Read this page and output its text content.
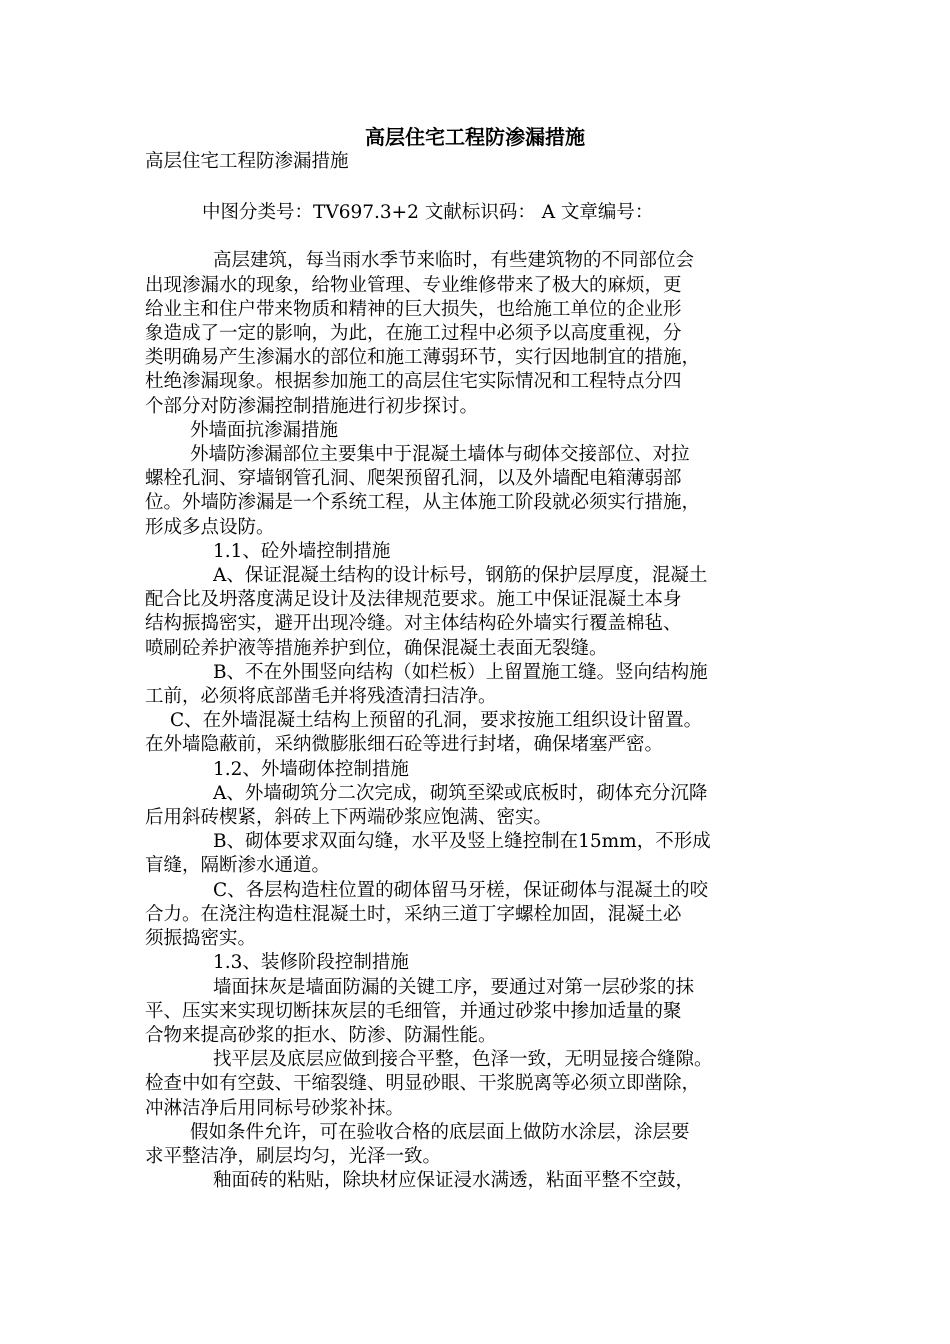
高层住宅工程防渗漏措施

高层住宅工程防渗漏措施

中图分类号：TV697.3+2 文献标识码： A 文章编号：

高层建筑，每当雨水季节来临时，有些建筑物的不同部位会

出现渗漏水的现象，给物业管理、专业维修带来了极大的麻烦，更

给业主和住户带来物质和精神的巨大损失，也给施工单位的企业形

象造成了一定的影响，为此，在施工过程中必须予以高度重视，分

类明确易产生渗漏水的部位和施工薄弱环节，实行因地制宜的措施，

杜绝渗漏现象。根据参加施工的高层住宅实际情况和工程特点分四

个部分对防渗漏控制措施进行初步探讨。

外墙面抗渗漏措施

外墙防渗漏部位主要集中于混凝土墙体与砌体交接部位、对拉

螺栓孔洞、穿墙钢管孔洞、爬架预留孔洞，以及外墙配电箱薄弱部

位。外墙防渗漏是一个系统工程，从主体施工阶段就必须实行措施，

形成多点设防。

1.1、砼外墙控制措施

A、保证混凝土结构的设计标号，钢筋的保护层厚度，混凝土

配合比及坍落度满足设计及法律规范要求。施工中保证混凝土本身

结构振捣密实，避开出现冷缝。对主体结构砼外墙实行覆盖棉毡、

喷刷砼养护液等措施养护到位，确保混凝土表面无裂缝。

B、不在外围竖向结构（如栏板）上留置施工缝。竖向结构施

工前，必须将底部凿毛并将残渣清扫洁净。

C、在外墙混凝土结构上预留的孔洞，要求按施工组织设计留置。

在外墙隐蔽前，采纳微膨胀细石砼等进行封堵，确保堵塞严密。

1.2、外墙砌体控制措施

A、外墙砌筑分二次完成，砌筑至梁或底板时，砌体充分沉降

后用斜砖楔紧，斜砖上下两端砂浆应饱满、密实。

B、砌体要求双面勾缝，水平及竖上缝控制在15mm，不形成

盲缝，隔断渗水通道。

C、各层构造柱位置的砌体留马牙槎，保证砌体与混凝土的咬

合力。在浇注构造柱混凝土时，采纳三道丁字螺栓加固，混凝土必

须振捣密实。

1.3、装修阶段控制措施

墙面抹灰是墙面防漏的关键工序，要通过对第一层砂浆的抹

平、压实来实现切断抹灰层的毛细管，并通过砂浆中掺加适量的聚

合物来提高砂浆的拒水、防渗、防漏性能。

找平层及底层应做到接合平整，色泽一致，无明显接合缝隙。

检查中如有空鼓、干缩裂缝、明显砂眼、干浆脱离等必须立即凿除，

冲淋洁净后用同标号砂浆补抹。

假如条件允许，可在验收合格的底层面上做防水涂层，涂层要

求平整洁净，刷层均匀，光泽一致。

釉面砖的粘贴，除块材应保证浸水满透，粘面平整不空鼓，
